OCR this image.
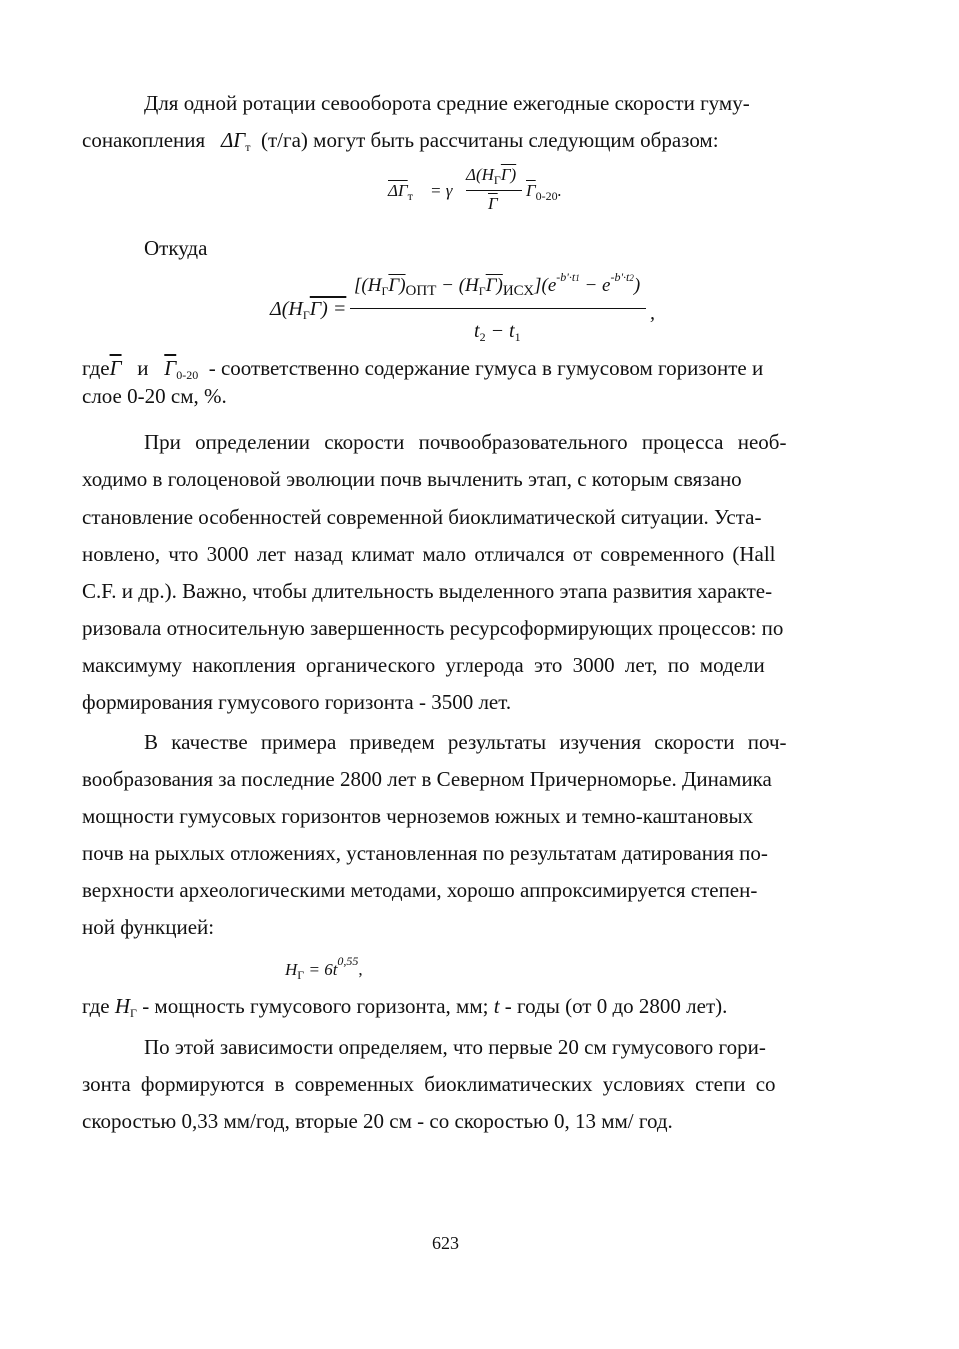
Для одной ротации севооборота средние ежегодные скорости гуму-
сонакопления $\Delta Г_т$ (т/га) могут быть рассчитаны следующим образом:
$\Delta Г_т = \gamma$
$\Delta(H_ГГ)$
Г
$Г_{0-20}$.
Откуда
$\Delta(H_ГГ)$ =
$[(H_ГГ)_{ОПТ} - (H_ГГ)_{ИСХ}](e^{-b'\cdot t1} - e^{-b'\cdot t2})$
$t_2 - t_1$
,
гдеГ и $Г_{0-20}$ - соответственно содержание гумуса в гумусовом горизонте и
слое 0-20 см, %.
При определении скорости почвообразовательного процесса необ-
ходимо в голоценовой эволюции почв вычленить этап, с которым связано
становление особенностей современной биоклиматической ситуации. Уста-
новлено, что 3000 лет назад климат мало отличался от современного (Hall
C.F. и др.). Важно, чтобы длительность выделенного этапа развития характе-
ризовала относительную завершенность ресурсоформирующих процессов: по
максимуму накопления органического углерода это 3000 лет, по модели
формирования гумусового горизонта - 3500 лет.
В качестве примера приведем результаты изучения скорости поч-
вообразования за последние 2800 лет в Северном Причерноморье. Динамика
мощности гумусовых горизонтов черноземов южных и темно-каштановых
почв на рыхлых отложениях, установленная по результатам датирования по-
верхности археологическими методами, хорошо аппроксимируется степен-
ной функцией:
$H_Г = 6t^{0,55}$,
где $H_Г$ - мощность гумусового горизонта, мм; t - годы (от 0 до 2800 лет).
По этой зависимости определяем, что первые 20 см гумусового гори-
зонта формируются в современных биоклиматических условиях степи со
скоростью 0,33 мм/год, вторые 20 см - со скоростью 0, 13 мм/ год.
623
